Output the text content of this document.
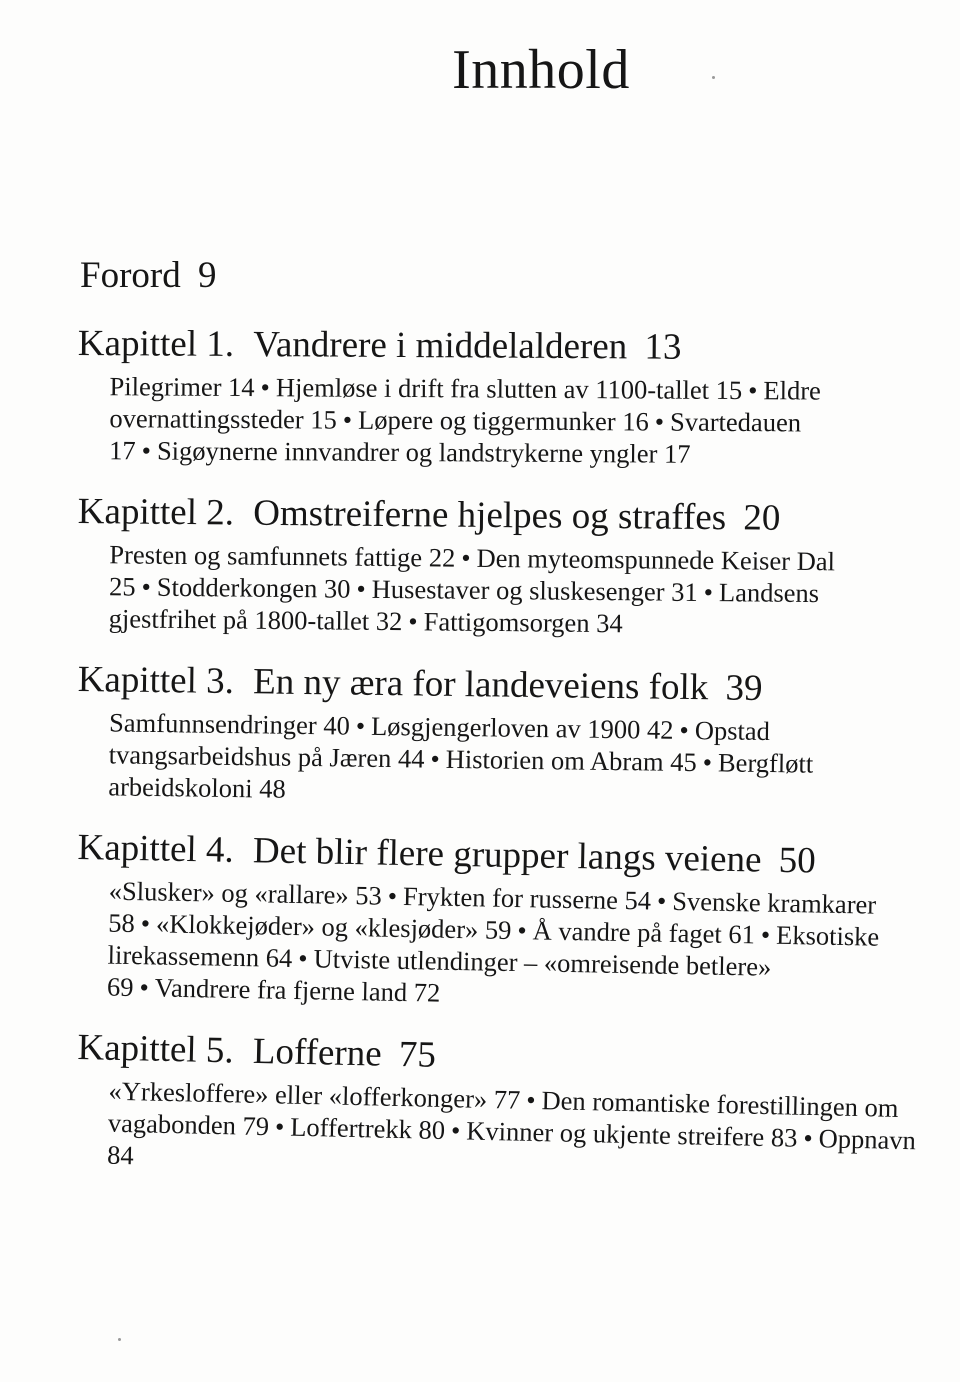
Innhold
Forord 9
Kapittel 1. Vandrere i middelalderen 13
Pilegrimer 14 • Hjemløse i drift fra slutten av 1100-tallet 15 • Eldre overnattingssteder 15 • Løpere og tiggermunker 16 • Svartedauen 17 • Sigøynerne innvandrer og landstrykerne yngler 17
Kapittel 2. Omstreiferne hjelpes og straffes 20
Presten og samfunnets fattige 22 • Den myteomspunnede Keiser Dal 25 • Stodderkongen 30 • Husestaver og sluskesenger 31 • Landsens gjestfrihet på 1800-tallet 32 • Fattigomsorgen 34
Kapittel 3. En ny æra for landeveiens folk 39
Samfunnsendringer 40 • Løsgjengerloven av 1900 42 • Opstad tvangsarbeidshus på Jæren 44 • Historien om Abram 45 • Bergfløtt arbeidskoloni 48
Kapittel 4. Det blir flere grupper langs veiene 50
«Slusker» og «rallare» 53 • Frykten for russerne 54 • Svenske kramkarer 58 • «Klokkejøder» og «klesjøder» 59 • Å vandre på faget 61 • Eksotiske lirekassemenn 64 • Utviste utlendinger – «omreisende betlere» 69 • Vandrere fra fjerne land 72
Kapittel 5. Lofferne 75
«Yrkesloffere» eller «lofferkonger» 77 • Den romantiske forestillingen om vagabonden 79 • Loffertrekk 80 • Kvinner og ukjente streifere 83 • Oppnavn 84
